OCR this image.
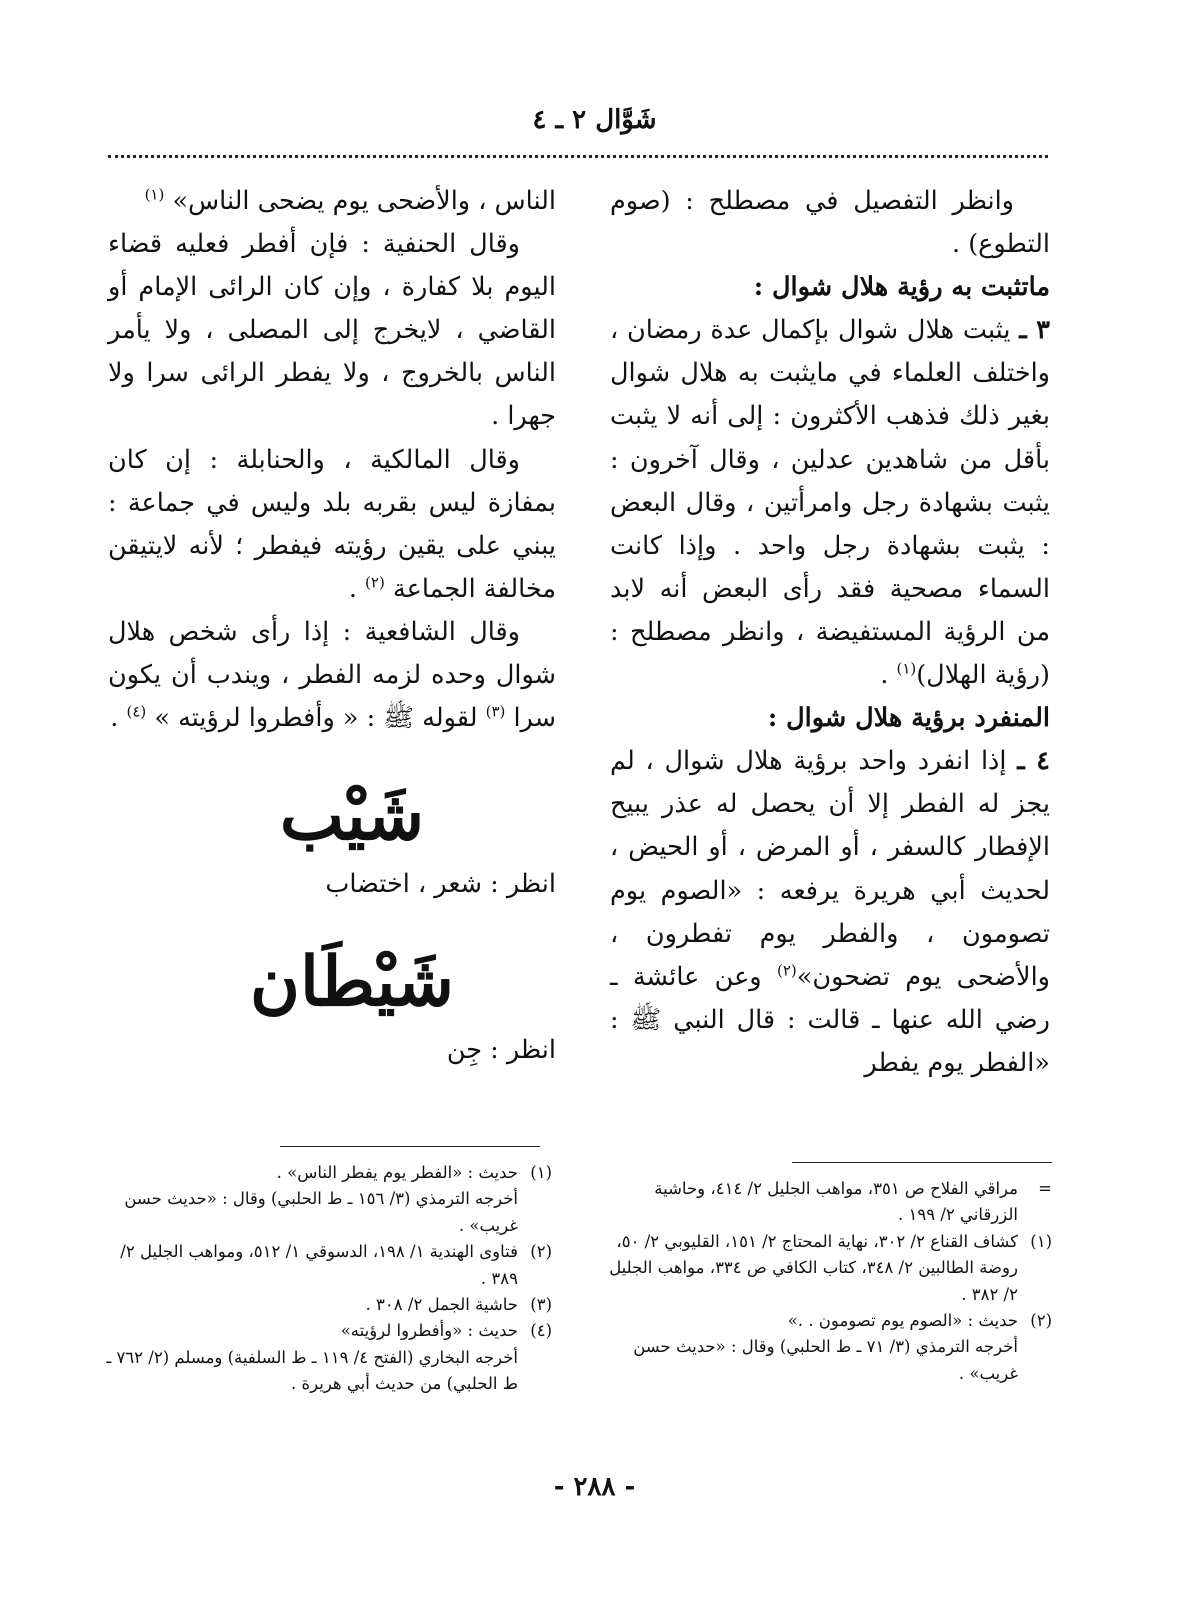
شَوَّال ٢ ـ ٤

وانظر التفصيل في مصطلح : (صوم التطوع) .

ماتثبت به رؤية هلال شوال :

٣ ـ يثبت هلال شوال بإكمال عدة رمضان ، واختلف العلماء في مايثبت به هلال شوال بغير ذلك فذهب الأكثرون : إلى أنه لا يثبت بأقل من شاهدين عدلين ، وقال آخرون : يثبت بشهادة رجل وامرأتين ، وقال البعض : يثبت بشهادة رجل واحد . وإذا كانت السماء مصحية فقد رأى البعض أنه لابد من الرؤية المستفيضة ، وانظر مصطلح :(رؤية الهلال)$^{(١)}$ .

المنفرد برؤية هلال شوال :

٤ ـ إذا انفرد واحد برؤية هلال شوال ، لم يجز له الفطر إلا أن يحصل له عذر يبيح الإفطار كالسفر ، أو المرض ، أو الحيض ، لحديث أبي هريرة يرفعه : «الصوم يوم تصومون ، والفطر يوم تفطرون ، والأضحى يوم تضحون»$^{(٢)}$ وعن عائشة ـ رضي الله عنها ـ قالت : قال النبي ﷺ : «الفطر يوم يفطر

الناس ، والأضحى يوم يضحى الناس» $^{(١)}$

وقال الحنفية : فإن أفطر فعليه قضاء اليوم بلا كفارة ، وإن كان الرائى الإمام أو القاضي ، لايخرج إلى المصلى ، ولا يأمر الناس بالخروج ، ولا يفطر الرائى سرا ولا جهرا .

وقال المالكية ، والحنابلة : إن كان بمفازة ليس بقربه بلد وليس في جماعة : يبني على يقين رؤيته فيفطر ؛ لأنه لايتيقن مخالفة الجماعة $^{(٢)}$ .

وقال الشافعية : إذا رأى شخص هلال شوال وحده لزمه الفطر ، ويندب أن يكون سرا $^{(٣)}$ لقوله ﷺ : « وأفطروا لرؤيته » $^{(٤)}$ .

شَيْب

انظر : شعر ، اختضاب

شَيْطَان

انظر : جِن

=
مراقي الفلاح ص ٣٥١، مواهب الجليل ٢/ ٤١٤، وحاشية الزرقاني ٢/ ١٩٩ .
(١)
كشاف القناع ٢/ ٣٠٢، نهاية المحتاج ٢/ ١٥١، القليوبي ٢/ ٥٠، روضة الطالبين ٢/ ٣٤٨، كتاب الكافي ص ٣٣٤، مواهب الجليل ٢/ ٣٨٢ .
(٢)
حديث : «الصوم يوم تصومون . .»
أخرجه الترمذي (٣/ ٧١ ـ ط الحلبي) وقال : «حديث حسن غريب» .
(١)
حديث : «الفطر يوم يفطر الناس» .
أخرجه الترمذي (٣/ ١٥٦ ـ ط الحلبي) وقال : «حديث حسن غريب» .
(٢)
فتاوى الهندية ١/ ١٩٨، الدسوقي ١/ ٥١٢، ومواهب الجليل ٢/ ٣٨٩ .
(٣)
حاشية الجمل ٢/ ٣٠٨ .
(٤)
حديث : «وأفطروا لرؤيته»
أخرجه البخاري (الفتح ٤/ ١١٩ ـ ط السلفية) ومسلم (٢/ ٧٦٢ ـ ط الحلبي) من حديث أبي هريرة .
- ٢٨٨ -
